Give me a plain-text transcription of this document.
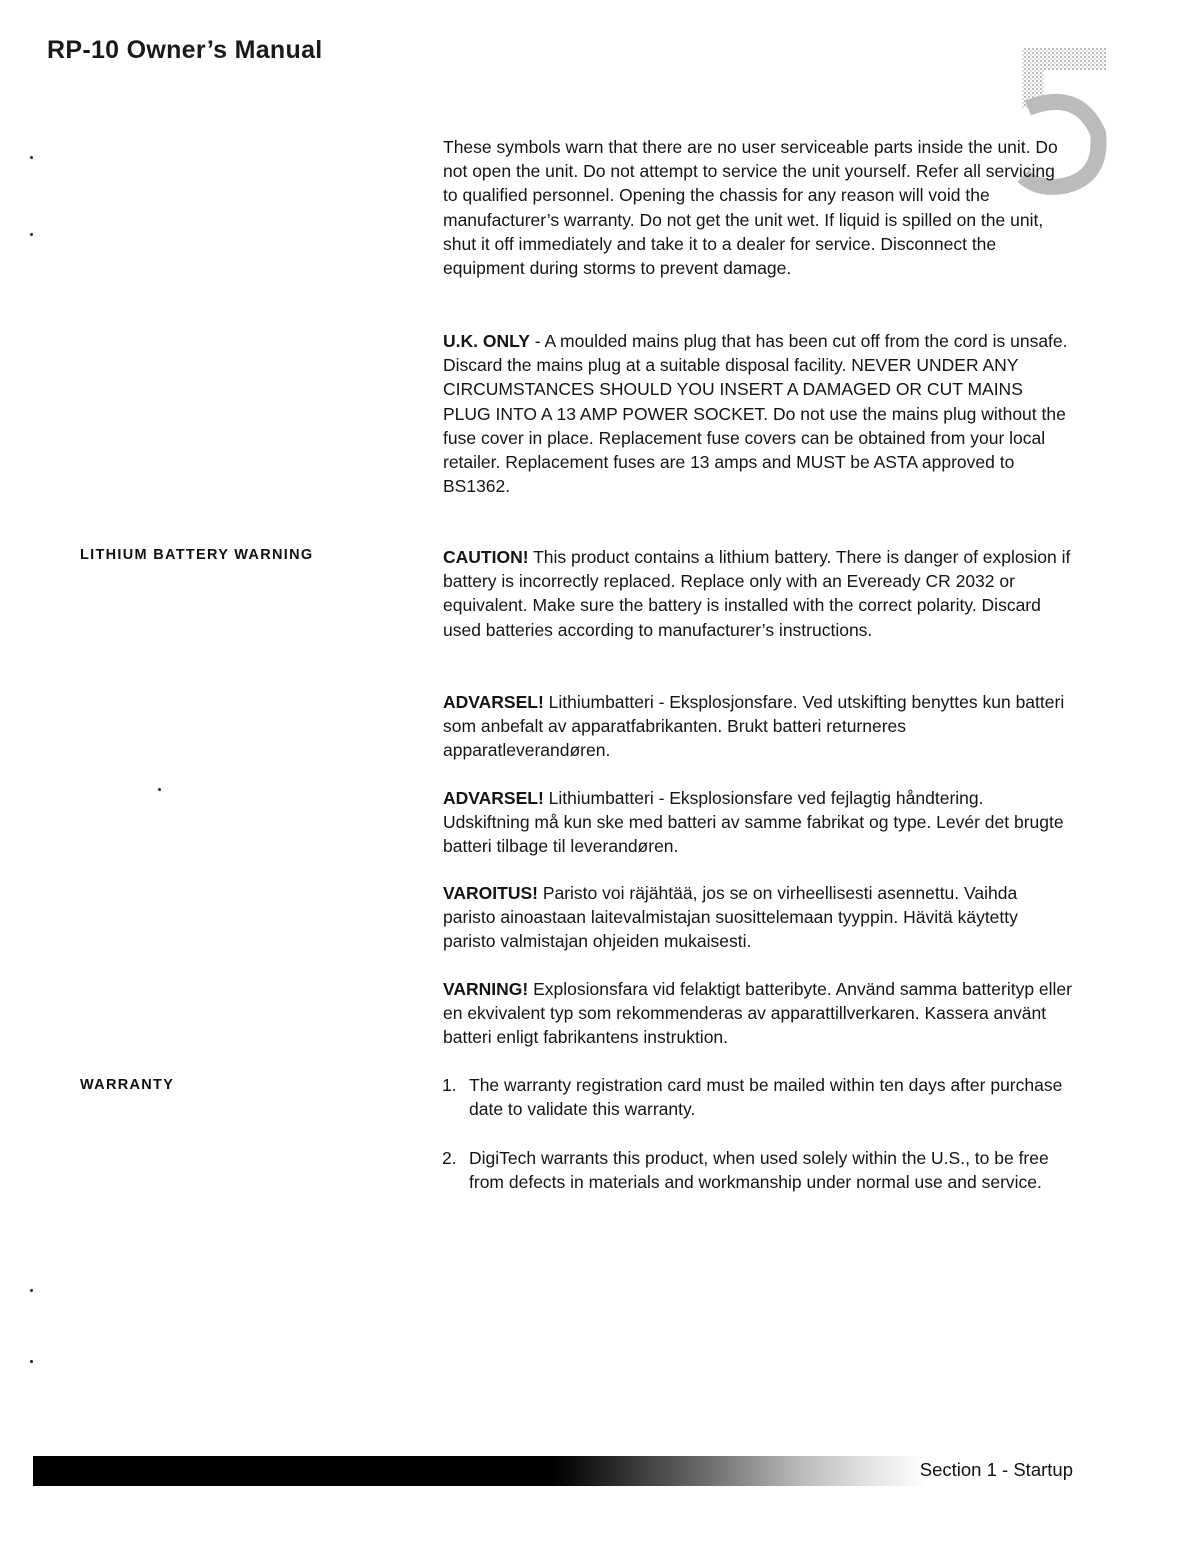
RP-10 Owner’s Manual
5

These symbols warn that there are no user serviceable parts inside the unit. Do not open the unit. Do not attempt to service the unit yourself. Refer all servicing to qualified personnel. Opening the chassis for any reason will void the manufacturer’s warranty. Do not get the unit wet. If liquid is spilled on the unit, shut it off immediately and take it to a dealer for service. Disconnect the equipment during storms to prevent damage.

U.K. ONLY - A moulded mains plug that has been cut off from the cord is unsafe. Discard the mains plug at a suitable disposal facility. NEVER UNDER ANY CIRCUMSTANCES SHOULD YOU INSERT A DAMAGED OR CUT MAINS PLUG INTO A 13 AMP POWER SOCKET. Do not use the mains plug without the fuse cover in place. Replacement fuse covers can be obtained from your local retailer. Replacement fuses are 13 amps and MUST be ASTA approved to BS1362.

LITHIUM BATTERY WARNING	CAUTION! This product contains a lithium battery. There is danger of explosion if battery is incorrectly replaced. Replace only with an Eveready CR 2032 or equivalent. Make sure the battery is installed with the correct polarity. Discard used batteries according to manufacturer’s instructions.

ADVARSEL! Lithiumbatteri - Eksplosjonsfare. Ved utskifting benyttes kun batteri som anbefalt av apparatfabrikanten. Brukt batteri returneres apparatleverandøren.

ADVARSEL! Lithiumbatteri - Eksplosionsfare ved fejlagtig håndtering. Udskiftning må kun ske med batteri av samme fabrikat og type. Levér det brugte batteri tilbage til leverandøren.

VAROITUS! Paristo voi räjähtää, jos se on virheellisesti asennettu. Vaihda paristo ainoastaan laitevalmistajan suosittelemaan tyyppin. Hävitä käytetty paristo valmistajan ohjeiden mukaisesti.

VARNING! Explosionsfara vid felaktigt batteribyte. Använd samma batterityp eller en ekvivalent typ som rekommenderas av apparattillverkaren. Kassera använt batteri enligt fabrikantens instruktion.

WARRANTY	1. The warranty registration card must be mailed within ten days after purchase date to validate this warranty.
2. DigiTech warrants this product, when used solely within the U.S., to be free from defects in materials and workmanship under normal use and service.
Section 1 - Startup
